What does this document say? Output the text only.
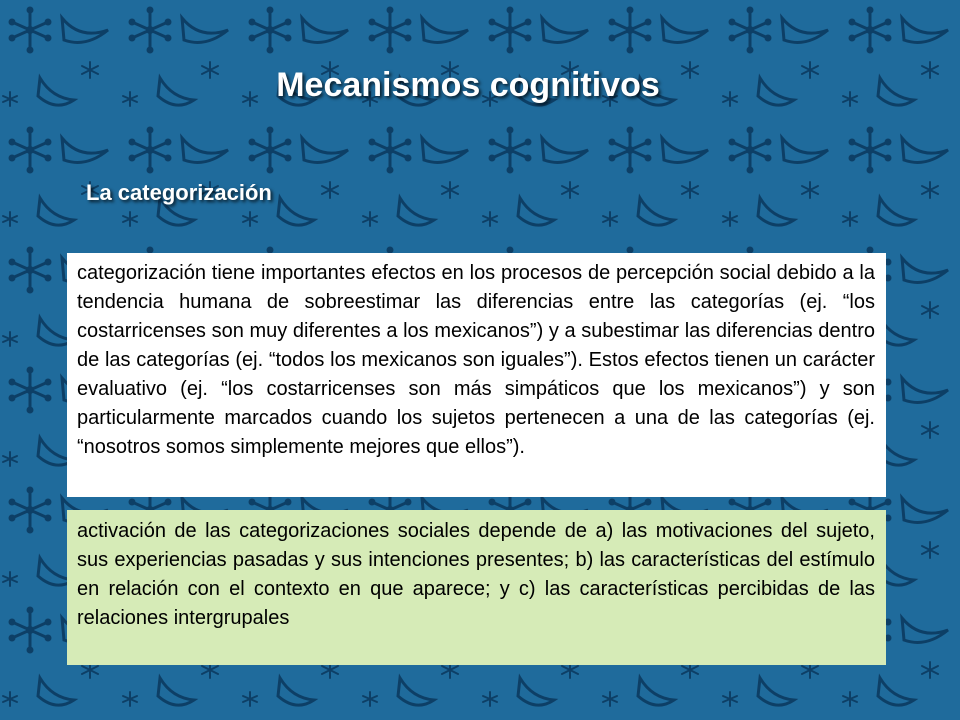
Mecanismos cognitivos
La categorización
categorización tiene importantes efectos en los procesos de percepción social debido a la tendencia humana de sobreestimar las diferencias entre las categorías (ej. “los costarricenses son muy diferentes a los mexicanos”) y a subestimar las diferencias dentro de las categorías (ej. “todos los mexicanos son iguales”). Estos efectos tienen un carácter evaluativo (ej. “los costarricenses son más simpáticos que los mexicanos”) y son particularmente marcados cuando los sujetos pertenecen a una de las categorías (ej. “nosotros somos simplemente mejores que ellos”).
activación de las categorizaciones sociales depende de a) las motivaciones del sujeto, sus experiencias pasadas y sus intenciones presentes; b) las características del estímulo en relación con el contexto en que aparece; y c) las características percibidas de las relaciones intergrupales
